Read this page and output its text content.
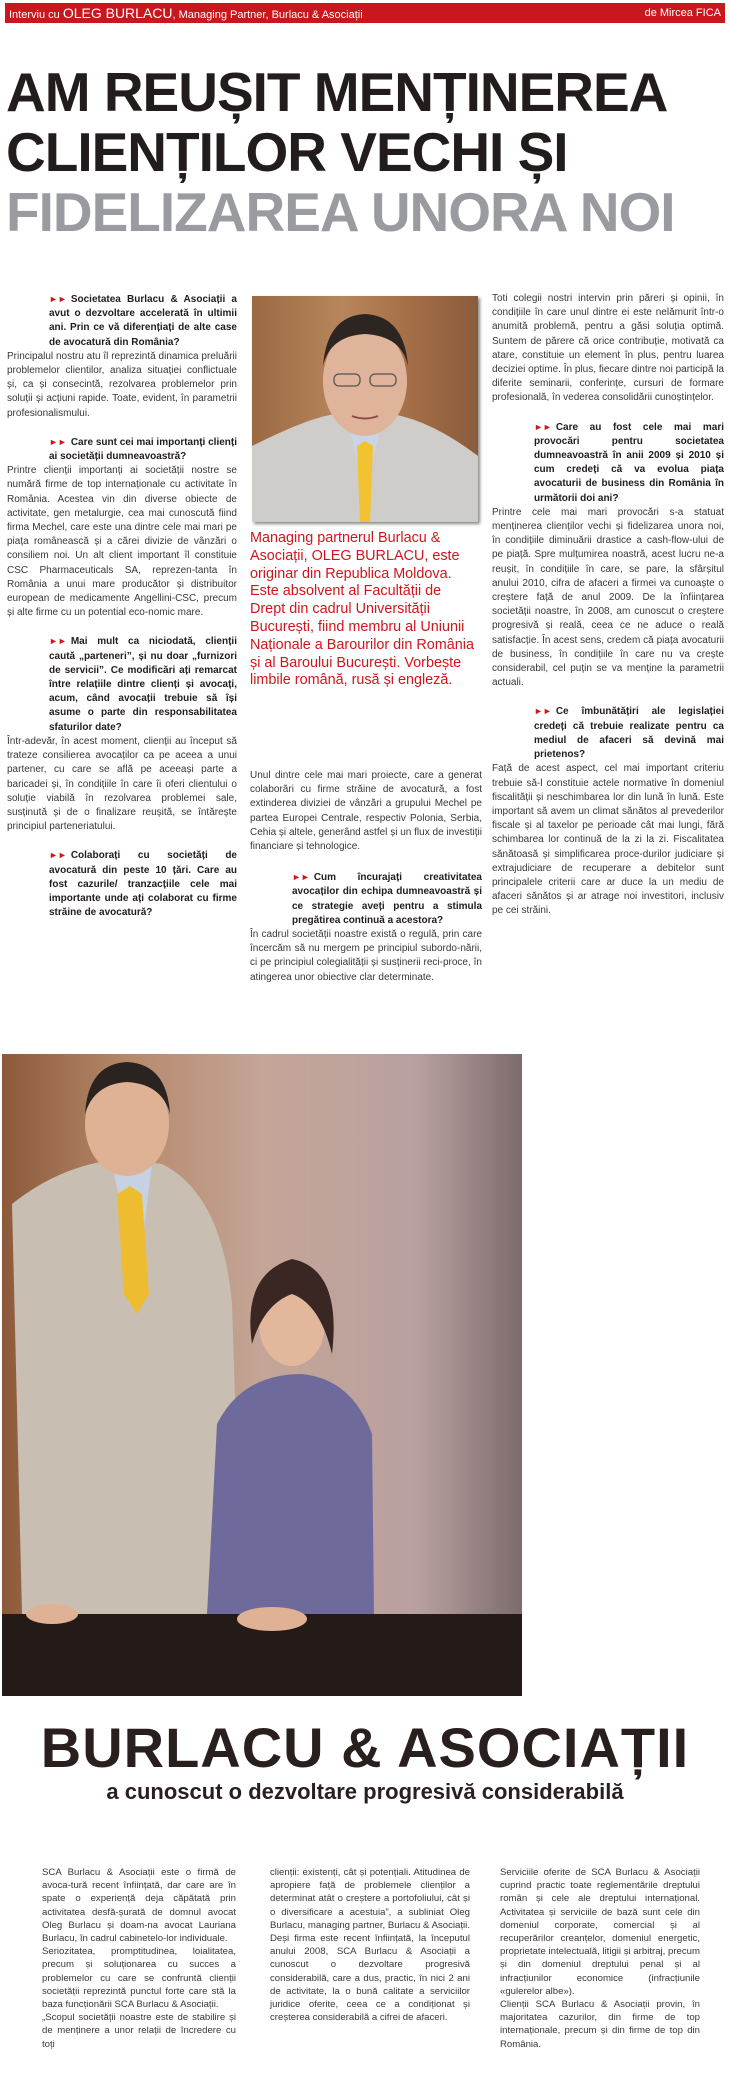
Interviu cu OLEG BURLACU, Managing Partner, Burlacu & Asociații	de Mircea FICA
AM REUȘIT MENȚINEREA
CLIENȚILOR VECHI ȘI
FIDELIZAREA UNORA NOI
►► Societatea Burlacu & Asociații a avut o dezvoltare accelerată în ultimii ani. Prin ce vă diferențiați de alte case de avocatură din România?
Principalul nostru atu îl reprezintă dinamica preluării problemelor clientilor, analiza situației conflictuale și, ca și consecintă, rezolvarea problemelor prin soluții și acțiuni rapide. Toate, evident, în parametrii profesionalismului.
►► Care sunt cei mai importanți clienți ai societății dumneavoastră?
Printre clienții importanți ai societății nostre se numără firme de top internaționale cu activitate în România. Acestea vin din diverse obiecte de activitate, gen metalurgie, cea mai cunoscută fiind firma Mechel, care este una dintre cele mai mari pe piața românească și a cărei divizie de vânzări o consiliem noi. Un alt client important îl constituie CSC Pharmaceuticals SA, reprezen-tanta în România a unui mare producător și distribuitor european de medicamente Angellini-CSC, precum și alte firme cu un potential eco-nomic mare.
►► Mai mult ca niciodată, clienții caută „parteneri”, și nu doar „furnizori de servicii”. Ce modificări ați remarcat între relațiile dintre clienți și avocați, acum, când avocații trebuie să își asume o parte din responsabilitatea sfaturilor date?
Într-adevăr, în acest moment, clienții au început să trateze consilierea avocaților ca pe aceea a unui partener, cu care se află pe aceeași parte a baricadei și, în condițiile în care îi oferi clientului o soluție viabilă în rezolvarea problemei sale, susținută și de o finalizare reușită, se întărește principiul parteneriatului.
►► Colaborați cu societăți de avocatură din peste 10 țări. Care au fost cazurile/ tranzacțiile cele mai importante unde ați colaborat cu firme străine de avocatură?
Managing partnerul Burlacu & Asociații, OLEG BURLACU, este originar din Republica Moldova. Este absolvent al Facultății de Drept din cadrul Universității București, fiind membru al Uniunii Naționale a Barourilor din România și al Baroului București. Vorbește limbile română, rusă și engleză.
Unul dintre cele mai mari proiecte, care a generat colaborări cu firme străine de avocatură, a fost extinderea diviziei de vânzări a grupului Mechel pe partea Europei Centrale, respectiv Polonia, Serbia, Cehia și altele, generând astfel și un flux de investiții financiare și tehnologice.
►► Cum încurajați creativitatea avocaților din echipa dumneavoastră și ce strategie aveți pentru a stimula pregătirea continuă a acestora?
În cadrul societății noastre există o regulă, prin care încercăm să nu mergem pe principiul subordo-nării, ci pe principiul colegialității și susținerii reci-proce, în atingerea unor obiective clar determinate.
Toti colegii nostri intervin prin păreri și opinii, în condițiile în care unul dintre ei este nelămurit într-o anumită problemă, pentru a găsi soluția optimă. Suntem de părere că orice contribuție, motivată ca atare, constituie un element în plus, pentru luarea deciziei optime. În plus, fiecare dintre noi participă la diferite seminarii, conferințe, cursuri de formare profesională, în vederea consolidării cunoștințelor.
►► Care au fost cele mai mari provocări pentru societatea dumneavoastră în anii 2009 și 2010 și cum credeți că va evolua piața avocaturii de business din România în următorii doi ani?
Printre cele mai mari provocări s-a statuat menținerea clienților vechi și fidelizarea unora noi, în condițiile diminuării drastice a cash-flow-ului de pe piață. Spre mulțumirea noastră, acest lucru ne-a reușit, în condițiile în care, se pare, la sfârșitul anului 2010, cifra de afaceri a firmei va cunoaște o creștere față de anul 2009. De la înființarea societății noastre, în 2008, am cunoscut o creștere progresivă și reală, ceea ce ne aduce o reală satisfacție. În acest sens, credem că piața avocaturii de business, în condițiile în care nu va crește considerabil, cel puțin se va menține la parametrii actuali.
►► Ce îmbunătățiri ale legislației credeți că trebuie realizate pentru ca mediul de afaceri să devină mai prietenos?
Față de acest aspect, cel mai important criteriu trebuie să-l constituie actele normative în domeniul fiscalității și neschimbarea lor din lună în lună. Este important să avem un climat sănătos al prevederilor fiscale și al taxelor pe perioade cât mai lungi, fără schimbarea lor continuă de la zi la zi. Fiscalitatea sănătoasă și simplificarea proce-durilor judiciare și extrajudiciare de recuperare a debitelor sunt principalele criterii care ar duce la un mediu de afaceri sănătos și ar atrage noi investitori, inclusiv pe cei străini.
BURLACU & ASOCIAȚII
a cunoscut o dezvoltare progresivă considerabilă
SCA Burlacu & Asociații este o firmă de avoca-tură recent înființată, dar care are în spate o experiență deja căpătată prin activitatea desfă-șurată de domnul avocat Oleg Burlacu și doam-na avocat Lauriana Burlacu, în cadrul cabinetelo-lor individuale.
Seriozitatea, promptitudinea, loialitatea, precum și soluționarea cu succes a problemelor cu care se confruntă clienții societății reprezintă punctul forte care stă la baza funcționării SCA Burlacu & Asociații.
„Scopul societății noastre este de stabilire și de menținere a unor relații de încredere cu toți
clienții: existenți, cât și potențiali. Atitudinea de apropiere față de problemele clienților a determinat atât o creștere a portofoliului, cât și o diversificare a acestuia”, a subliniat Oleg Burlacu, managing partner, Burlacu & Asociații.
Deși firma este recent înființată, la începutul anului 2008, SCA Burlacu & Asociații a cunoscut o dezvoltare progresivă considerabilă, care a dus, practic, în nici 2 ani de activitate, la o bună calitate a serviciilor juridice oferite, ceea ce a condiționat și creșterea considerabilă a cifrei de afaceri.
Serviciile oferite de SCA Burlacu & Asociații cuprind practic toate reglementările dreptului român și cele ale dreptului internațional. Activitatea și serviciile de bază sunt cele din domeniul corporate, comercial și al recuperărilor creanțelor, domeniul energetic, proprietate intelectuală, litigii și arbitraj, precum și din domeniul dreptului penal și al infracțiunilor economice (infracțiunile «gulerelor albe»).
Clienții SCA Burlacu & Asociații provin, în majoritatea cazurilor, din firme de top internaționale, precum și din firme de top din România.
